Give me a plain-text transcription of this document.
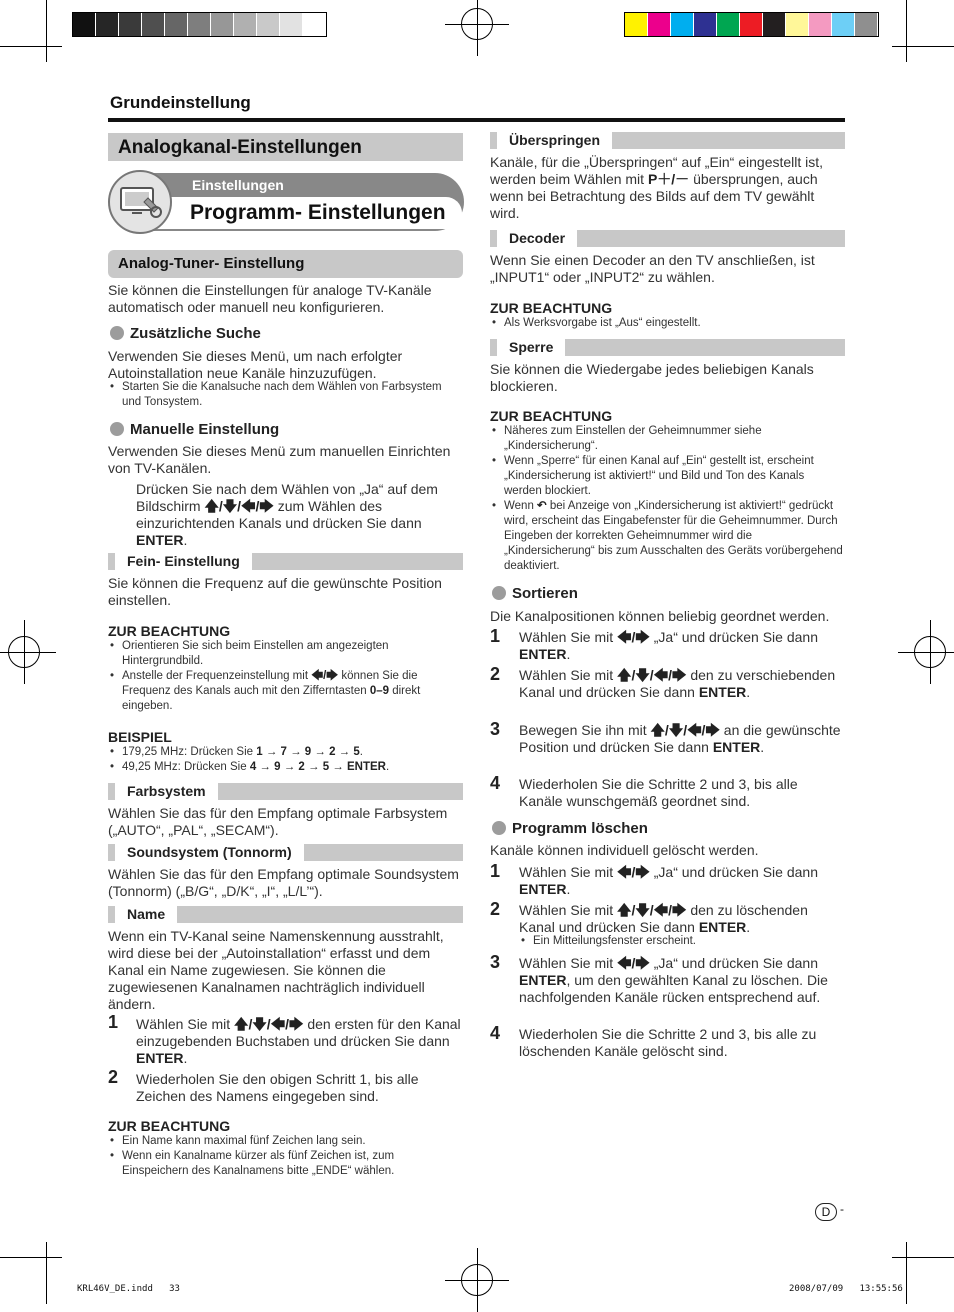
Grundeinstellung
Analogkanal-Einstellungen
Einstellungen
Programm- Einstellungen
Analog-Tuner- Einstellung

Sie können die Einstellungen für analoge TV-Kanäle automatisch oder manuell neu konfigurieren.

Zusätzliche Suche

Verwenden Sie dieses Menü, um nach erfolgter Autoinstallation neue Kanäle hinzuzufügen.

• Starten Sie die Kanalsuche nach dem Wählen von Farbsystem und Tonsystem.
Manuelle Einstellung

Verwenden Sie dieses Menü zum manuellen Einrichten von TV-Kanälen.

Drücken Sie nach dem Wählen von „Ja“ auf dem Bildschirm 🡅/🡇/🡄/🡆 zum Wählen des einzurichtenden Kanals und drücken Sie dann ENTER.

Fein- Einstellung

Sie können die Frequenz auf die gewünschte Position einstellen.

ZUR BEACHTUNG
• Orientieren Sie sich beim Einstellen am angezeigten Hintergrundbild.
• Anstelle der Frequenzeinstellung mit 🡄/🡆 können Sie die Frequenz des Kanals auch mit den Zifferntasten 0–9 direkt eingeben.
BEISPIEL
• 179,25 MHz: Drücken Sie 1 → 7 → 9 → 2 → 5.
• 49,25 MHz: Drücken Sie 4 → 9 → 2 → 5 → ENTER.
Farbsystem

Wählen Sie das für den Empfang optimale Farbsystem („AUTO“, „PAL“, „SECAM“).

Soundsystem (Tonnorm)

Wählen Sie das für den Empfang optimale Soundsystem (Tonnorm) („B/G“, „D/K“, „I“, „L/L’“).

Name

Wenn ein TV-Kanal seine Namenskennung ausstrahlt, wird diese bei der „Autoinstallation“ erfasst und dem Kanal ein Name zugewiesen. Sie können die zugewiesenen Kanalnamen nachträglich individuell ändern.

1 Wählen Sie mit 🡅/🡇/🡄/🡆 den ersten für den Kanal einzugebenden Buchstaben und drücken Sie dann ENTER.

2 Wiederholen Sie den obigen Schritt 1, bis alle Zeichen des Namens eingegeben sind.

ZUR BEACHTUNG
• Ein Name kann maximal fünf Zeichen lang sein.
• Wenn ein Kanalname kürzer als fünf Zeichen ist, zum Einspeichern des Kanalnamens bitte „ENDE“ wählen.
Überspringen

Kanäle, für die „Überspringen“ auf „Ein“ eingestellt ist, werden beim Wählen mit P＋/－ übersprungen, auch wenn bei Betrachtung des Bilds auf dem TV gewählt wird.

Decoder

Wenn Sie einen Decoder an den TV anschließen, ist „INPUT1“ oder „INPUT2“ zu wählen.

ZUR BEACHTUNG
• Als Werksvorgabe ist „Aus“ eingestellt.
Sperre

Sie können die Wiedergabe jedes beliebigen Kanals blockieren.

ZUR BEACHTUNG
• Näheres zum Einstellen der Geheimnummer siehe „Kindersicherung“.
• Wenn „Sperre“ für einen Kanal auf „Ein“ gestellt ist, erscheint „Kindersicherung ist aktiviert!“ und Bild und Ton des Kanals werden blockiert.
• Wenn ↶ bei Anzeige von „Kindersicherung ist aktiviert!“ gedrückt wird, erscheint das Eingabefenster für die Geheimnummer. Durch Eingeben der korrekten Geheimnummer wird die „Kindersicherung“ bis zum Ausschalten des Geräts vorübergehend deaktiviert.
Sortieren

Die Kanalpositionen können beliebig geordnet werden.

1 Wählen Sie mit 🡄/🡆 „Ja“ und drücken Sie dann ENTER.

2 Wählen Sie mit 🡅/🡇/🡄/🡆 den zu verschiebenden Kanal und drücken Sie dann ENTER.

3 Bewegen Sie ihn mit 🡅/🡇/🡄/🡆 an die gewünschte Position und drücken Sie dann ENTER.

4 Wiederholen Sie die Schritte 2 und 3, bis alle Kanäle wunschgemäß geordnet sind.

Programm löschen

Kanäle können individuell gelöscht werden.

1 Wählen Sie mit 🡄/🡆 „Ja“ und drücken Sie dann ENTER.

2 Wählen Sie mit 🡅/🡇/🡄/🡆 den zu löschenden Kanal und drücken Sie dann ENTER.

• Ein Mitteilungsfenster erscheint.
3 Wählen Sie mit 🡄/🡆 „Ja“ und drücken Sie dann ENTER, um den gewählten Kanal zu löschen. Die nachfolgenden Kanäle rücken entsprechend auf.

4 Wiederholen Sie die Schritte 2 und 3, bis alle zu löschenden Kanäle gelöscht sind.

D -
KRL46V_DE.indd   33	2008/07/09   13:55:56
